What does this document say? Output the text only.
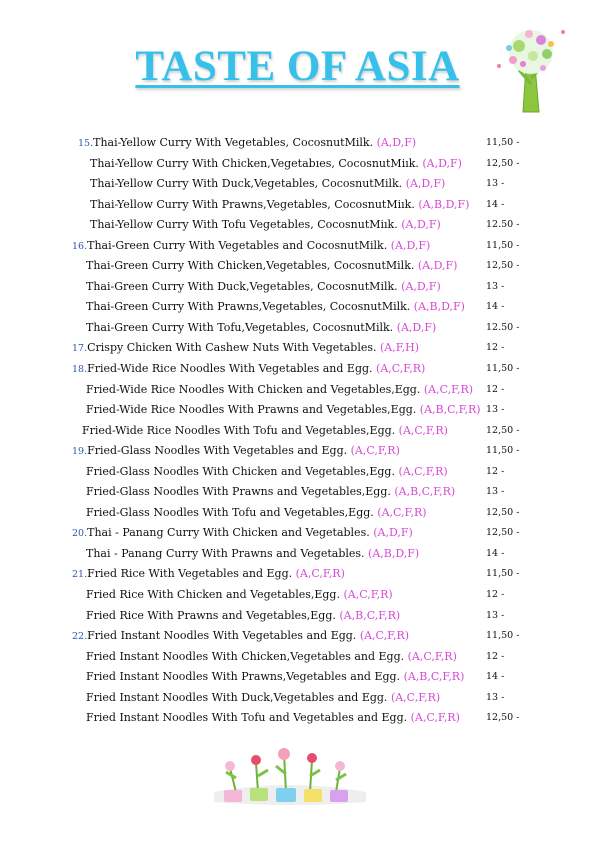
TASTE OF ASIA
15.Thai-Yellow Curry With Vegetables, CocosnutMilk. (A,D,F)	11,50 -
Thai-Yellow Curry With Chicken,Vegetabıes, CocosnutMiık. (A,D,F)	12,50 -
Thai-Yellow Curry With Duck,Vegetables, CocosnutMilk. (A,D,F)	13 -
Thai-Yellow Curry With Prawns,Vegetables, CocosnutMiık. (A,B,D,F) 14 -
Thai-Yellow Curry With Tofu Vegetables, CocosnutMiık. (A,D,F)	12.50 -
16.Thai-Green Curry With Vegetables and CocosnutMilk. (A,D,F)	11,50 -
Thai-Green Curry With Chicken,Vegetables, CocosnutMilk. (A,D,F)	12,50 -
Thai-Green Curry With Duck,Vegetables, CocosnutMilk. (A,D,F)	13 -
Thai-Green Curry With Prawns,Vegetables, CocosnutMilk. (A,B,D,F) 14 -
Thai-Green Curry With Tofu,Vegetables, CocosnutMilk. (A,D,F)	12.50 -
17.Crispy Chicken With Cashew Nuts With Vegetables. (A,F,H)	12 -
18.Fried-Wide Rice Noodles With Vegetables and Egg. (A,C,F,R)	11,50 -
Fried-Wide Rice Noodles With Chicken and Vegetables,Egg. (A,C,F,R) 12 -
Fried-Wide Rice Noodles With Prawns and Vegetables,Egg. (A,B,C,F,R) 13 -
Fried-Wide Rice Noodles With Tofu and Vegetables,Egg. (A,C,F,R)	12,50 -
19.Fried-Glass Noodles With Vegetables and Egg. (A,C,F,R)	11,50 -
Fried-Glass Noodles With Chicken and Vegetables,Egg. (A,C,F,R)	12 -
Fried-Glass Noodles With Prawns and Vegetables,Egg. (A,B,C,F,R)	13 -
Fried-Glass Noodles With Tofu and Vegetables,Egg. (A,C,F,R)	12,50 -
20.Thai - Panang Curry With Chicken and Vegetables. (A,D,F)	12,50 -
Thai - Panang Curry With Prawns and Vegetables. (A,B,D,F)	14 -
21.Fried Rice With Vegetables and Egg. (A,C,F,R)	11,50 -
Fried Rice With Chicken and Vegetables,Egg. (A,C,F,R)	12 -
Fried Rice With Prawns and Vegetables,Egg. (A,B,C,F,R)	13 -
22.Fried Instant Noodles With Vegetables and Egg. (A,C,F,R)	11,50 -
Fried Instant Noodles With Chicken,Vegetables and Egg. (A,C,F,R)	12 -
Fried Instant Noodles With Prawns,Vegetables and Egg. (A,B,C,F,R) 14 -
Fried Instant Noodles With Duck,Vegetables and Egg. (A,C,F,R)	13 -
Fried Instant Noodles With Tofu and Vegetables and Egg. (A,C,F,R)	12,50 -
